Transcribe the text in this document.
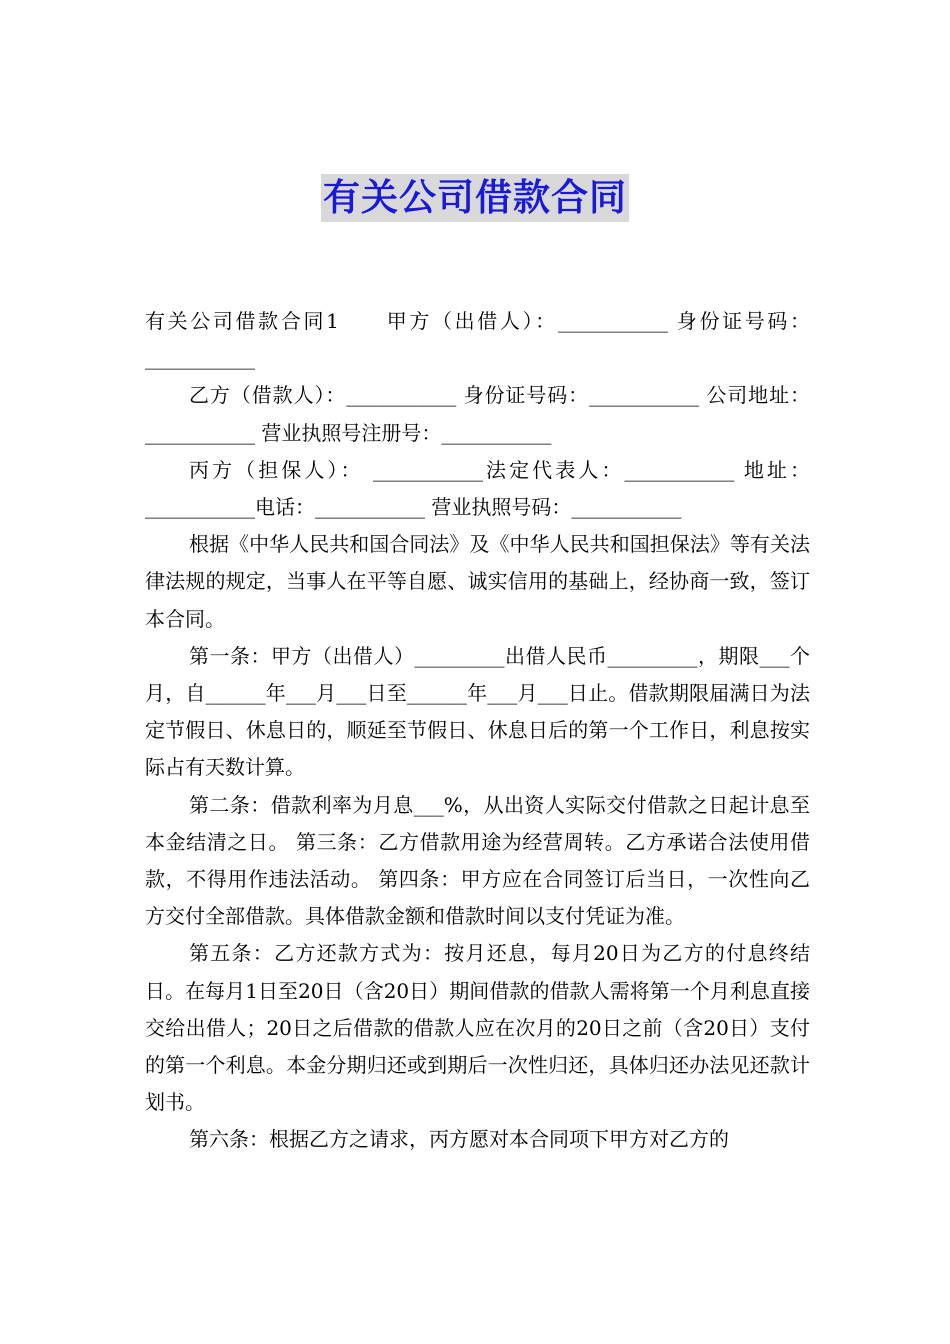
有关公司借款合同

有关公司借款合同1　　甲方（出借人）：___________ 身份证号码：___________

乙方（借款人）：___________ 身份证号码：___________ 公司地址：___________ 营业执照号注册号：___________

丙方（担保人）： ___________法定代表人：___________ 地址：___________电话：___________ 营业执照号码：___________

根据《中华人民共和国合同法》及《中华人民共和国担保法》等有关法律法规的规定，当事人在平等自愿、诚实信用的基础上，经协商一致，签订本合同。

第一条：甲方（出借人）_________出借人民币_________，期限___个月，自______年___月___日至______年___月___日止。借款期限届满日为法定节假日、休息日的，顺延至节假日、休息日后的第一个工作日，利息按实际占有天数计算。

第二条：借款利率为月息___%，从出资人实际交付借款之日起计息至本金结清之日。 第三条：乙方借款用途为经营周转。乙方承诺合法使用借款，不得用作违法活动。 第四条：甲方应在合同签订后当日，一次性向乙方交付全部借款。具体借款金额和借款时间以支付凭证为准。

第五条：乙方还款方式为：按月还息，每月20日为乙方的付息终结日。在每月1日至20日（含20日）期间借款的借款人需将第一个月利息直接交给出借人；20日之后借款的借款人应在次月的20日之前（含20日）支付的第一个利息。本金分期归还或到期后一次性归还，具体归还办法见还款计划书。

第六条：根据乙方之请求，丙方愿对本合同项下甲方对乙方的
